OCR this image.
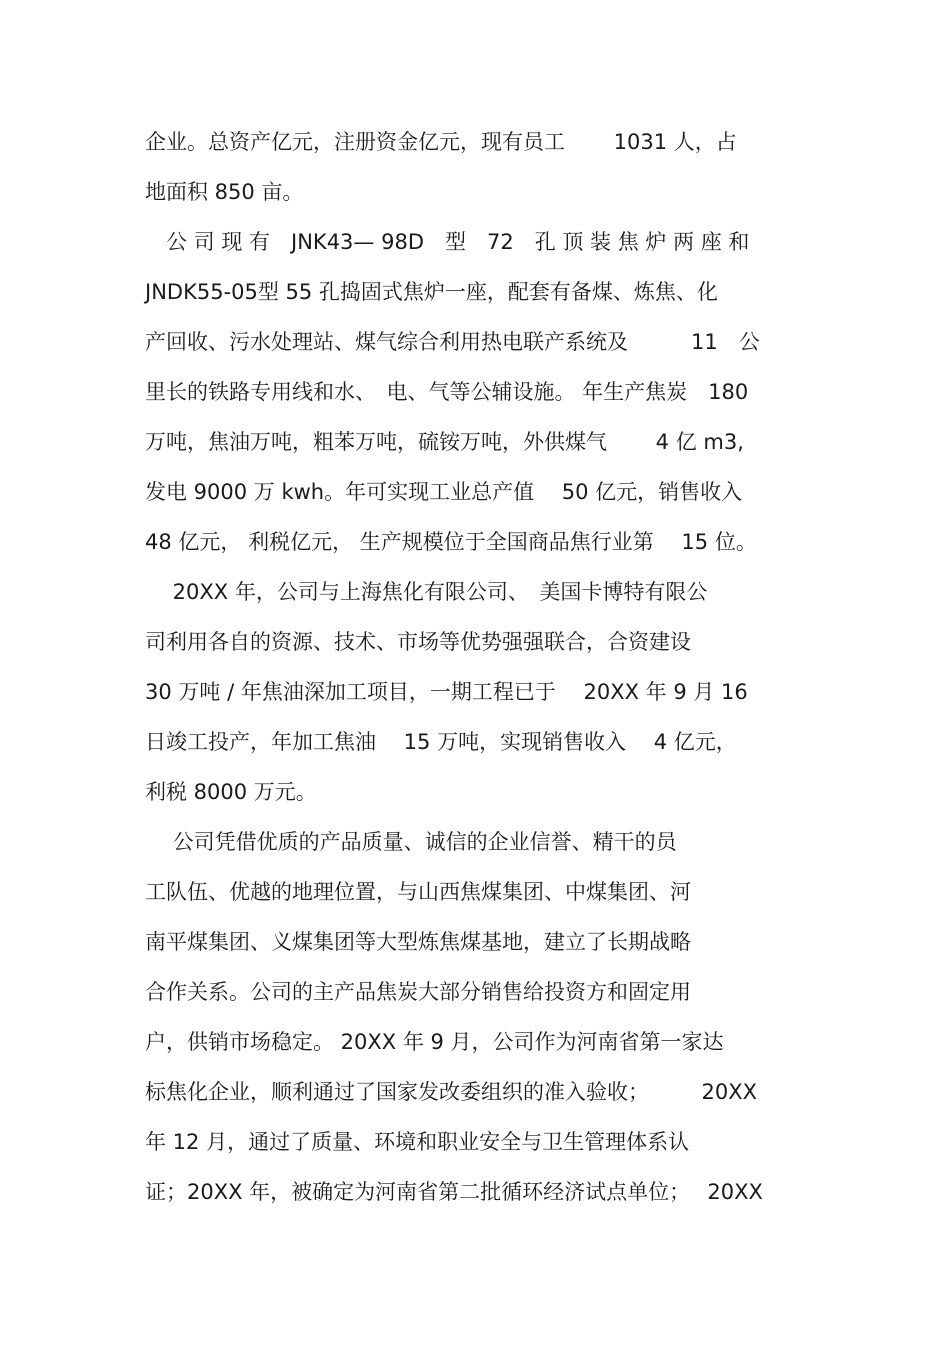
企业。总资产亿元，注册资金亿元，现有员工　　 1031 人，占
地面积 850 亩。
　公 司 现 有　JNK43— 98D　型　72　孔 顶 装 焦 炉 两 座 和
JNDK55-05型 55 孔捣固式焦炉一座，配套有备煤、炼焦、化
产回收、污水处理站、煤气综合利用热电联产系统及　　　11　公
里长的铁路专用线和水、　电、气等公辅设施。 年生产焦炭　180
万吨，焦油万吨，粗苯万吨，硫铵万吨，外供煤气　　 4 亿 m3,
发电 9000 万 kwh。年可实现工业总产值　 50 亿元，销售收入
48 亿元， 利税亿元， 生产规模位于全国商品焦行业第　 15 位。
　 20XX 年，公司与上海焦化有限公司、　美国卡博特有限公
司利用各自的资源、技术、市场等优势强强联合，合资建设
30 万吨 / 年焦油深加工项目，一期工程已于　 20XX 年 9 月 16
日竣工投产，年加工焦油　 15 万吨，实现销售收入　 4 亿元，
利税 8000 万元。
　 公司凭借优质的产品质量、诚信的企业信誉、精干的员
工队伍、优越的地理位置，与山西焦煤集团、中煤集团、河
南平煤集团、义煤集团等大型炼焦煤基地，建立了长期战略
合作关系。公司的主产品焦炭大部分销售给投资方和固定用
户，供销市场稳定。 20XX 年 9 月，公司作为河南省第一家达
标焦化企业，顺利通过了国家发改委组织的准入验收；　　　20XX
年 12 月，通过了质量、环境和职业安全与卫生管理体系认
证；20XX 年，被确定为河南省第二批循环经济试点单位；　 20XX
